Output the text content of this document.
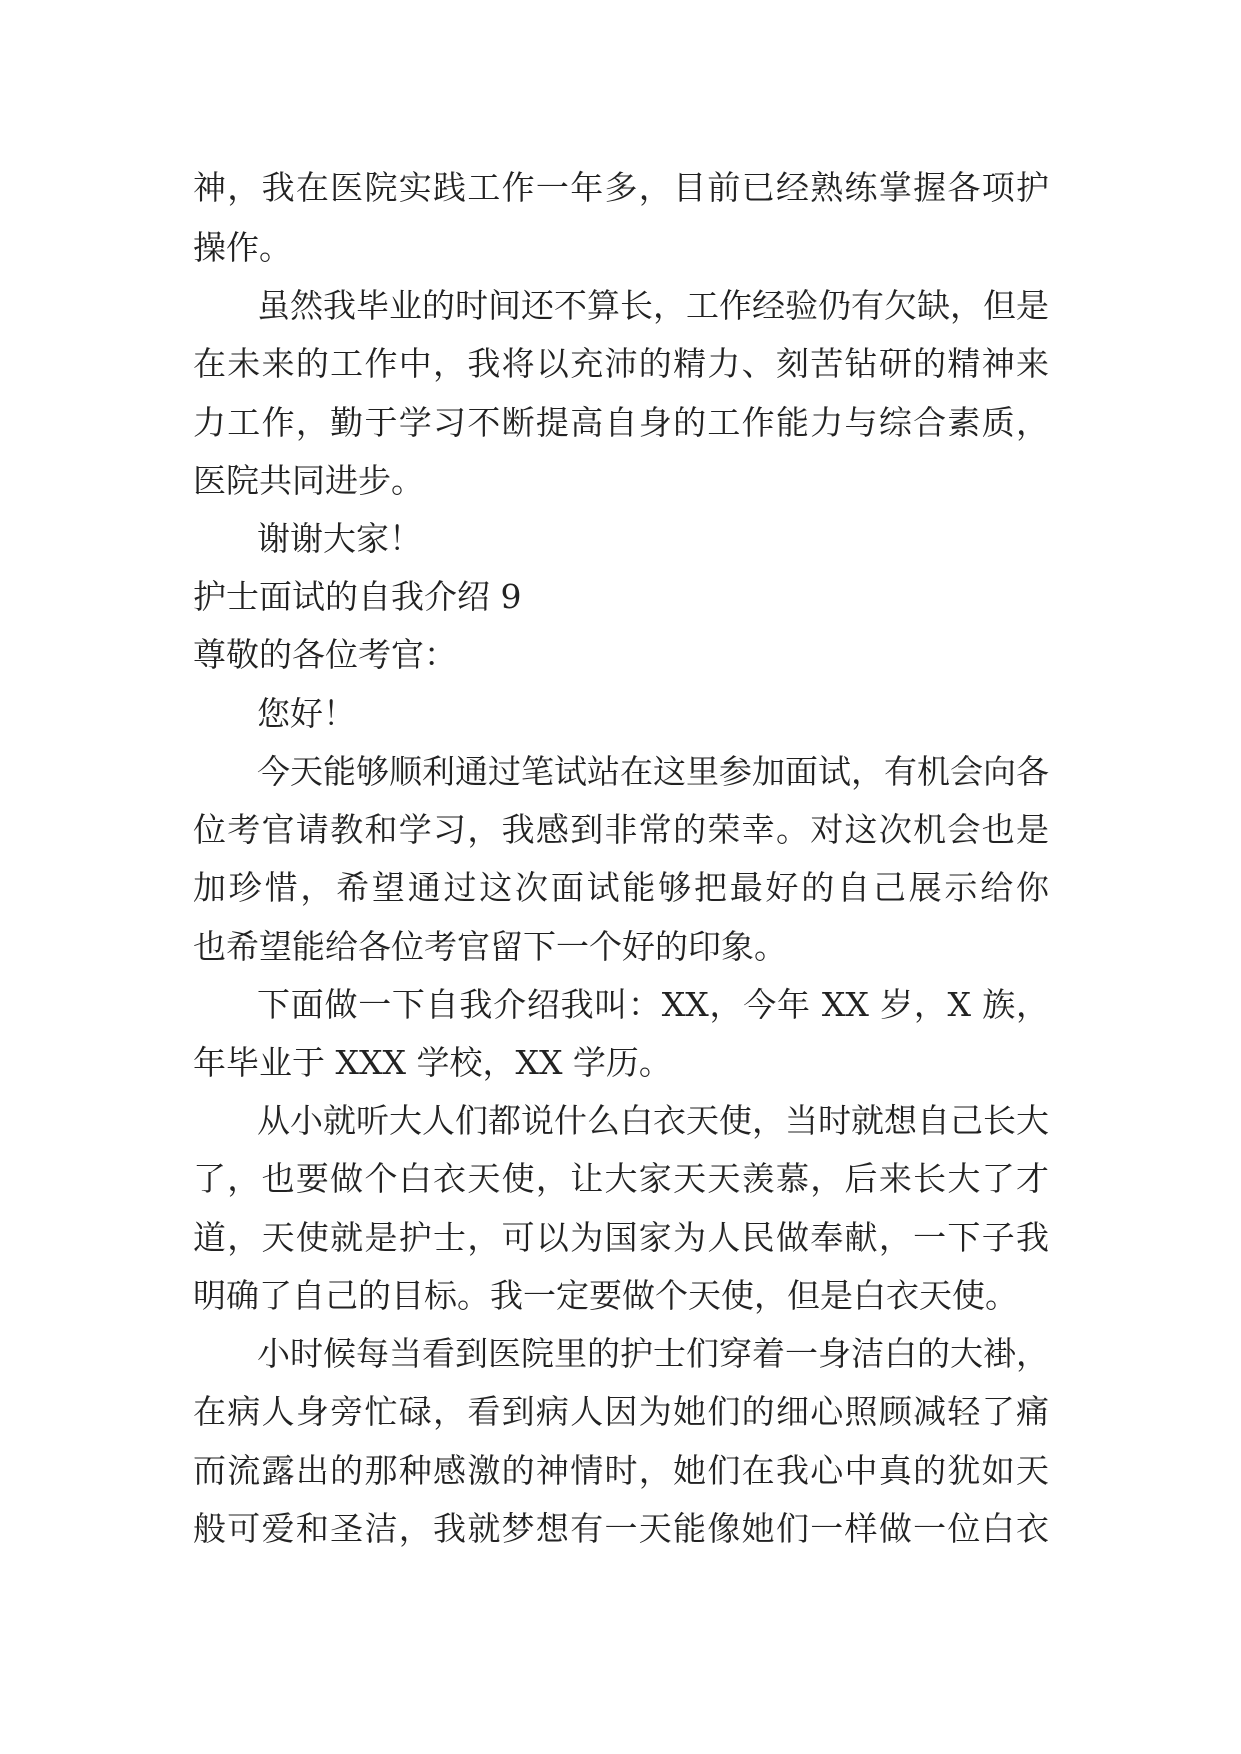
神，我在医院实践工作一年多，目前已经熟练掌握各项护
操作。
虽然我毕业的时间还不算长，工作经验仍有欠缺，但是
在未来的工作中，我将以充沛的精力、刻苦钻研的精神来
力工作，勤于学习不断提高自身的工作能力与综合素质，
医院共同进步。
谢谢大家！
护士面试的自我介绍 9
尊敬的各位考官：
您好！
今天能够顺利通过笔试站在这里参加面试，有机会向各
位考官请教和学习，我感到非常的荣幸。对这次机会也是
加珍惜，希望通过这次面试能够把最好的自己展示给你
也希望能给各位考官留下一个好的印象。
下面做一下自我介绍我叫：XX，今年 XX 岁，X 族，
年毕业于 XXX 学校，XX 学历。
从小就听大人们都说什么白衣天使，当时就想自己长大
了，也要做个白衣天使，让大家天天羡慕，后来长大了才
道，天使就是护士，可以为国家为人民做奉献，一下子我
明确了自己的目标。我一定要做个天使，但是白衣天使。
小时候每当看到医院里的护士们穿着一身洁白的大褂，
在病人身旁忙碌，看到病人因为她们的细心照顾减轻了痛
而流露出的那种感激的神情时，她们在我心中真的犹如天
般可爱和圣洁，我就梦想有一天能像她们一样做一位白衣
